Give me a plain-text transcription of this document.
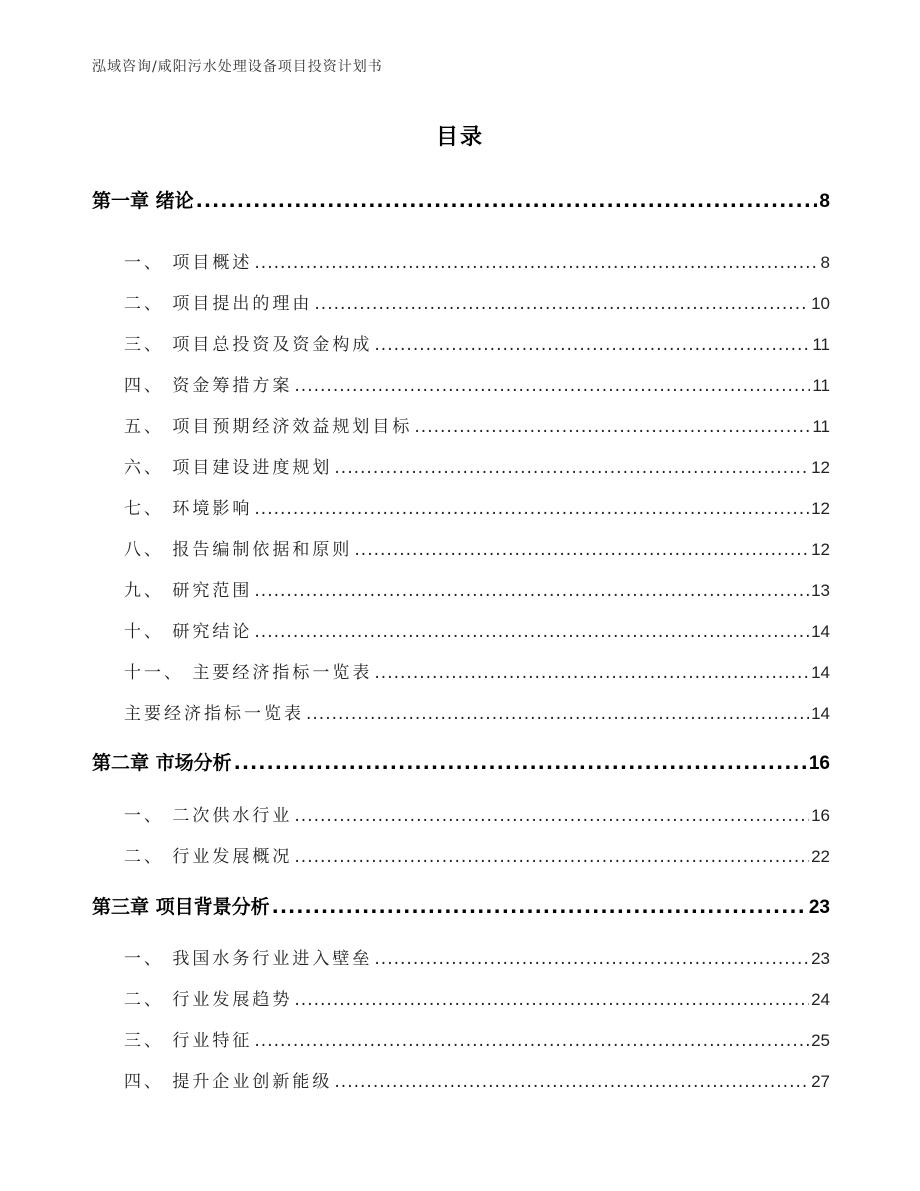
泓域咨询/咸阳污水处理设备项目投资计划书
目录
第一章 绪论 .....	8
一、 项目概述 .....	8
二、 项目提出的理由 .....	10
三、 项目总投资及资金构成 .....	11
四、 资金筹措方案 .....	11
五、 项目预期经济效益规划目标 .....	11
六、 项目建设进度规划 .....	12
七、 环境影响 .....	12
八、 报告编制依据和原则 .....	12
九、 研究范围 .....	13
十、 研究结论 .....	14
十一、 主要经济指标一览表 .....	14
主要经济指标一览表 .....	14
第二章 市场分析 .....	16
一、 二次供水行业 .....	16
二、 行业发展概况 .....	22
第三章 项目背景分析 .....	23
一、 我国水务行业进入壁垒 .....	23
二、 行业发展趋势 .....	24
三、 行业特征 .....	25
四、 提升企业创新能级 .....	27
